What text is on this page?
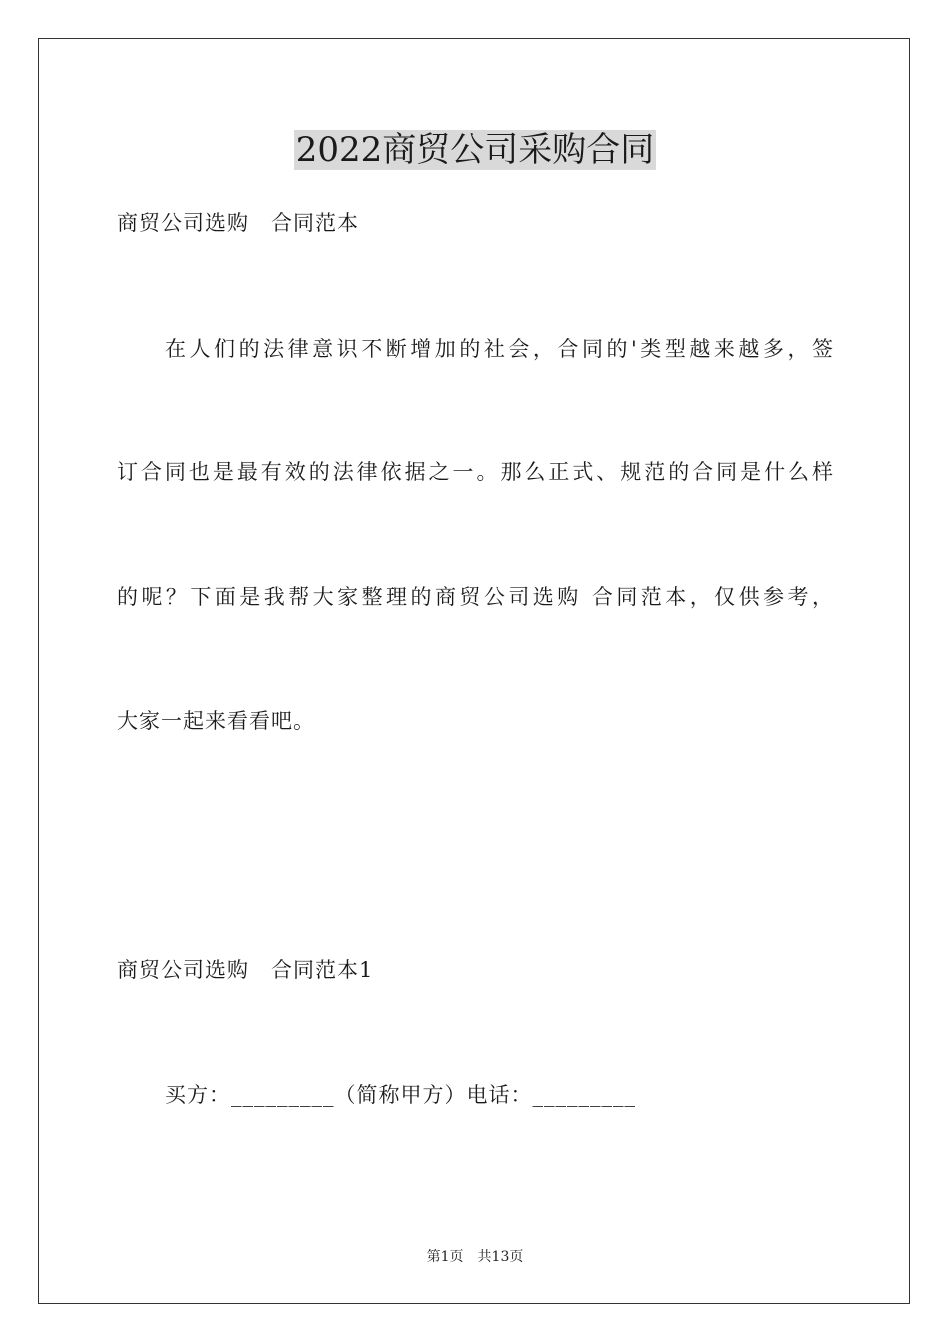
2022商贸公司采购合同
商贸公司选购　合同范本
在人们的法律意识不断增加的社会，合同的'类型越来越多，签
订合同也是最有效的法律依据之一。那么正式、规范的合同是什么样
的呢？下面是我帮大家整理的商贸公司选购 合同范本，仅供参考，
大家一起来看看吧。
商贸公司选购　合同范本1
买方：_________（简称甲方）电话：_________
第1页　共13页
